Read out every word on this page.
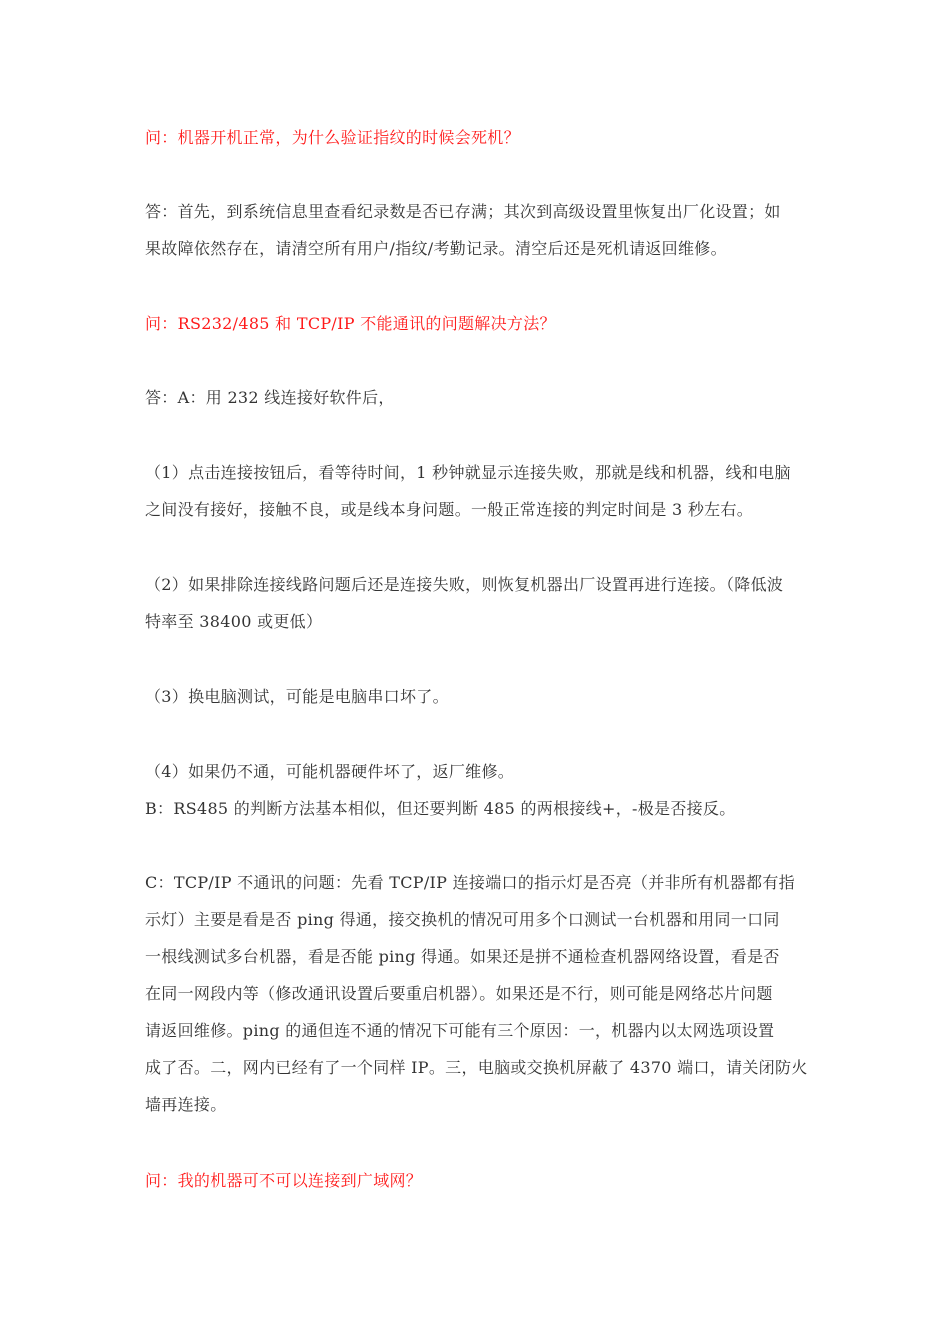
问：机器开机正常，为什么验证指纹的时候会死机？
答：首先，到系统信息里查看纪录数是否已存满；其次到高级设置里恢复出厂化设置；如
果故障依然存在，请清空所有用户/指纹/考勤记录。清空后还是死机请返回维修。
问：RS232/485 和 TCP/IP 不能通讯的问题解决方法？
答：A：用 232 线连接好软件后，
（1）点击连接按钮后，看等待时间，1 秒钟就显示连接失败，那就是线和机器，线和电脑
之间没有接好，接触不良，或是线本身问题。一般正常连接的判定时间是 3 秒左右。
（2）如果排除连接线路问题后还是连接失败，则恢复机器出厂设置再进行连接。（降低波
特率至 38400 或更低）
（3）换电脑测试，可能是电脑串口坏了。
（4）如果仍不通，可能机器硬件坏了，返厂维修。
B：RS485 的判断方法基本相似，但还要判断 485 的两根接线+，-极是否接反。
C：TCP/IP 不通讯的问题：先看 TCP/IP 连接端口的指示灯是否亮（并非所有机器都有指
示灯）主要是看是否 ping 得通，接交换机的情况可用多个口测试一台机器和用同一口同
一根线测试多台机器，看是否能 ping 得通。如果还是拼不通检查机器网络设置，看是否
在同一网段内等（修改通讯设置后要重启机器）。如果还是不行，则可能是网络芯片问题
请返回维修。ping 的通但连不通的情况下可能有三个原因：一，机器内以太网选项设置
成了否。二，网内已经有了一个同样 IP。三，电脑或交换机屏蔽了 4370 端口，请关闭防火
墙再连接。
问：我的机器可不可以连接到广域网？
